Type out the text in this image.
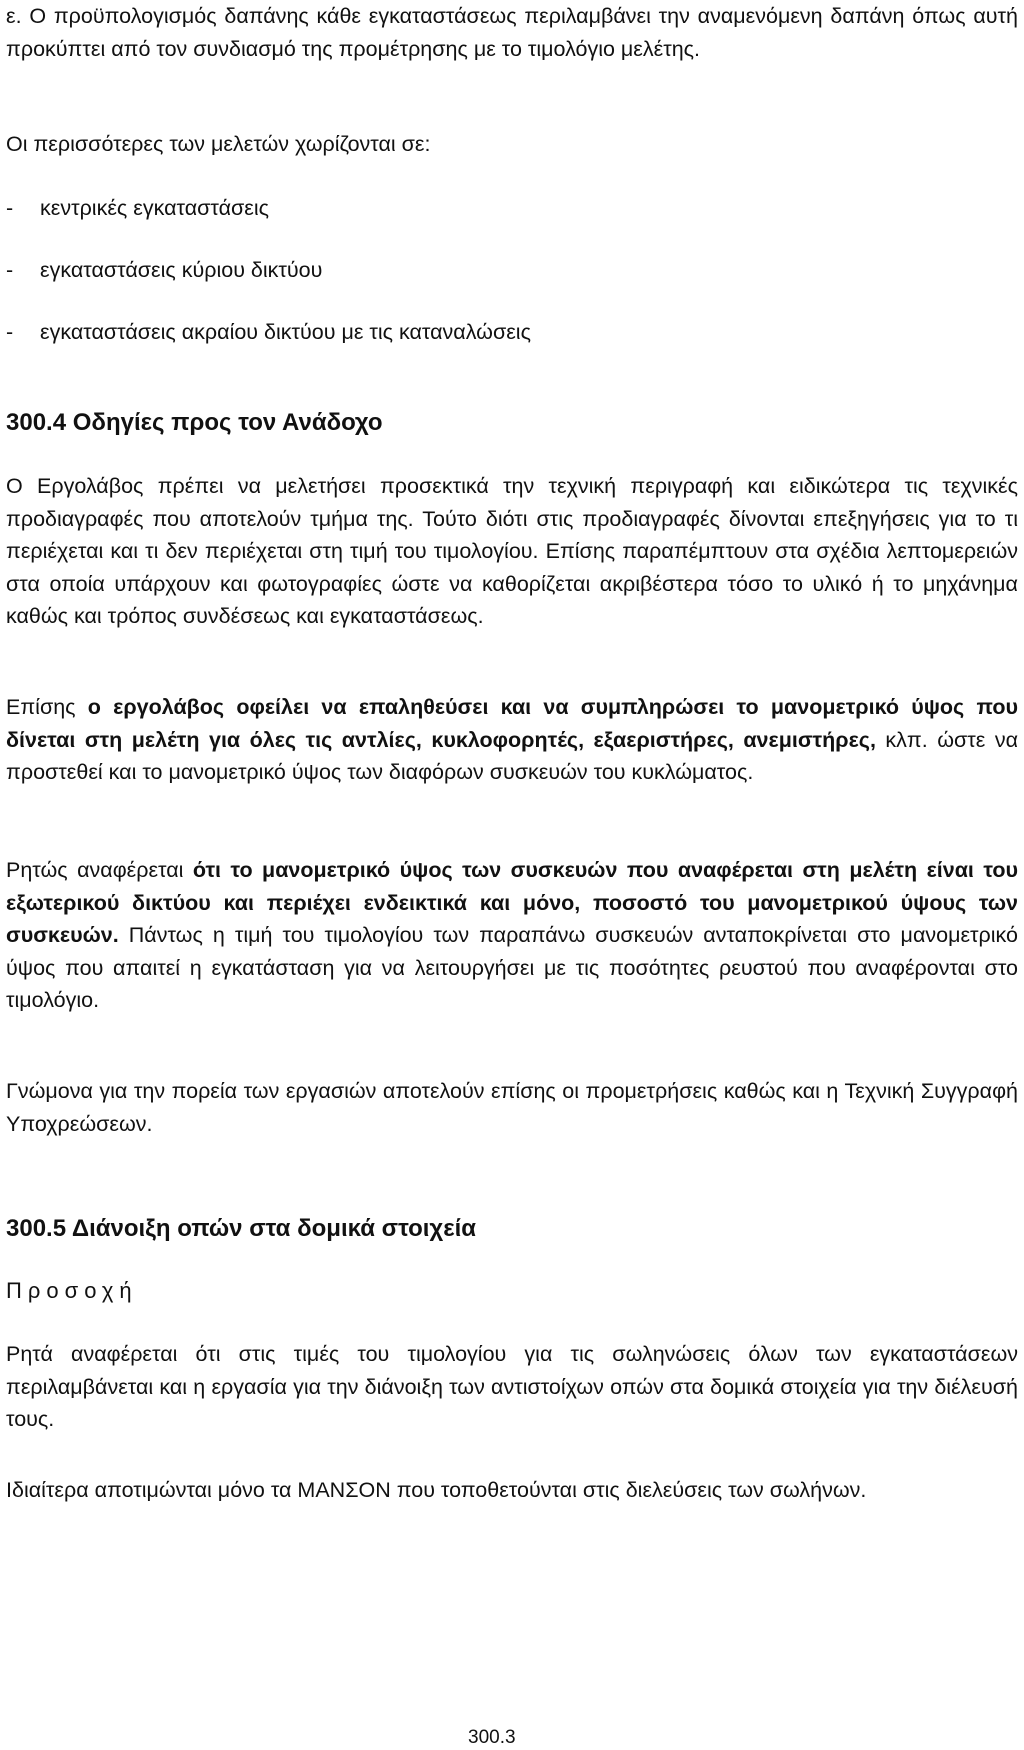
ε. Ο προϋπολογισμός δαπάνης κάθε εγκαταστάσεως περιλαμβάνει την αναμενόμενη δαπάνη όπως αυτή προκύπτει από τον συνδιασμό της προμέτρησης με το τιμολόγιο μελέτης.

Οι περισσότερες των μελετών χωρίζονται σε:

- κεντρικές εγκαταστάσεις
- εγκαταστάσεις κύριου δικτύου
- εγκαταστάσεις ακραίου δικτύου με τις καταναλώσεις
300.4 Οδηγίες προς τον Ανάδοχο

Ο Εργολάβος πρέπει να μελετήσει προσεκτικά την τεχνική περιγραφή και ειδικώτερα τις τεχνικές προδιαγραφές που αποτελούν τμήμα της. Τούτο διότι στις προδιαγραφές δίνονται επεξηγήσεις για το τι περιέχεται και τι δεν περιέχεται στη τιμή του τιμολογίου. Επίσης παραπέμπτουν στα σχέδια λεπτομερειών στα οποία υπάρχουν και φωτογραφίες ώστε να καθορίζεται ακριβέστερα τόσο το υλικό ή το μηχάνημα καθώς και τρόπος συνδέσεως και εγκαταστάσεως.

Επίσης ο εργολάβος οφείλει να επαληθεύσει και να συμπληρώσει το μανομετρικό ύψος που δίνεται στη μελέτη για όλες τις αντλίες, κυκλοφορητές, εξαεριστήρες, ανεμιστήρες, κλπ. ώστε να προστεθεί και το μανομετρικό ύψος των διαφόρων συσκευών του κυκλώματος.

Ρητώς αναφέρεται ότι το μανομετρικό ύψος των συσκευών που αναφέρεται στη μελέτη είναι του εξωτερικού δικτύου και περιέχει ενδεικτικά και μόνο, ποσοστό του μανομετρικού ύψους των συσκευών. Πάντως η τιμή του τιμολογίου των παραπάνω συσκευών ανταποκρίνεται στο μανομετρικό ύψος που απαιτεί η εγκατάσταση για να λειτουργήσει με τις ποσότητες ρευστού που αναφέρονται στο τιμολόγιο.

Γνώμονα για την πορεία των εργασιών αποτελούν επίσης οι προμετρήσεις καθώς και η Τεχνική Συγγραφή Υποχρεώσεων.

300.5 Διάνοιξη οπών στα δομικά στοιχεία
Προσοχή

Ρητά αναφέρεται ότι στις τιμές του τιμολογίου για τις σωληνώσεις όλων των εγκαταστάσεων περιλαμβάνεται και η εργασία για την διάνοιξη των αντιστοίχων οπών στα δομικά στοιχεία για την διέλευσή τους.

Ιδιαίτερα αποτιμώνται μόνο τα ΜΑΝΣΟΝ που τοποθετούνται στις διελεύσεις των σωλήνων.

300.3
